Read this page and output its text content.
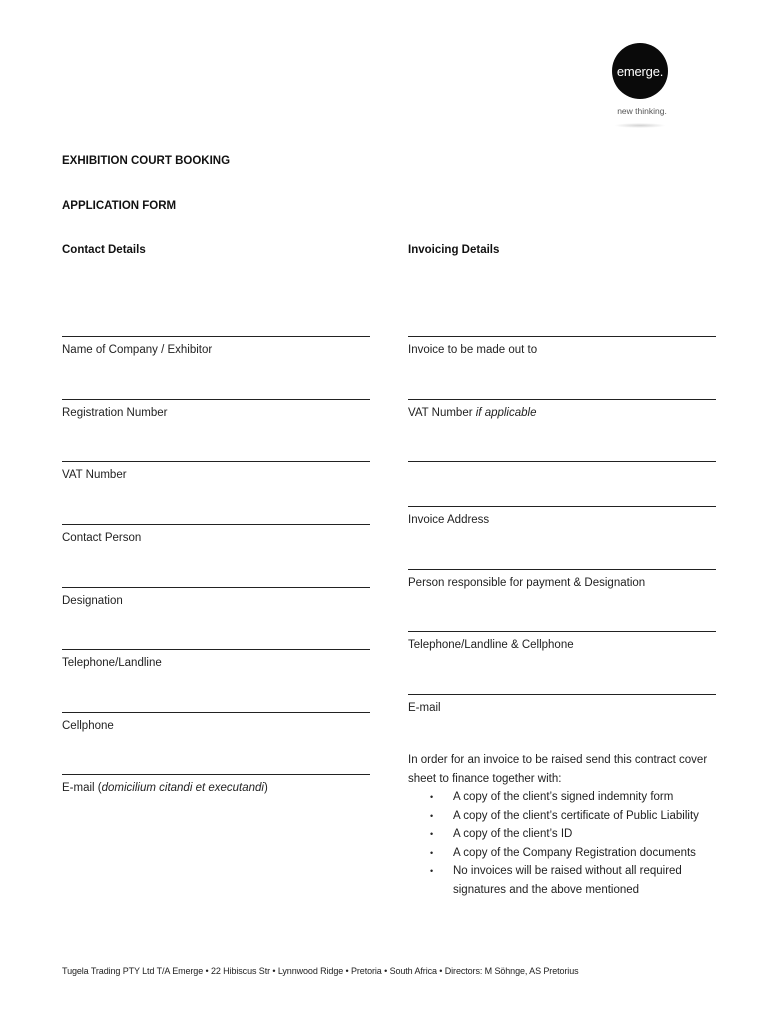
emerge.
new thinking.
EXHIBITION COURT BOOKING
APPLICATION FORM
Contact Details	Invoicing Details
Name of Company / Exhibitor
Registration Number
VAT Number
Contact Person
Designation
Telephone/Landline
Cellphone
E-mail (domicilium citandi et executandi)
Invoice to be made out to
VAT Number if applicable
Invoice Address
Person responsible for payment & Designation
Telephone/Landline & Cellphone
E-mail
In order for an invoice to be raised send this contract cover sheet to finance together with:
• A copy of the client’s signed indemnity form
• A copy of the client’s certificate of Public Liability
• A copy of the client’s ID
• A copy of the Company Registration documents
• No invoices will be raised without all required signatures and the above mentioned
Tugela Trading PTY Ltd T/A Emerge • 22 Hibiscus Str • Lynnwood Ridge • Pretoria • South Africa • Directors: M Söhnge, AS Pretorius
